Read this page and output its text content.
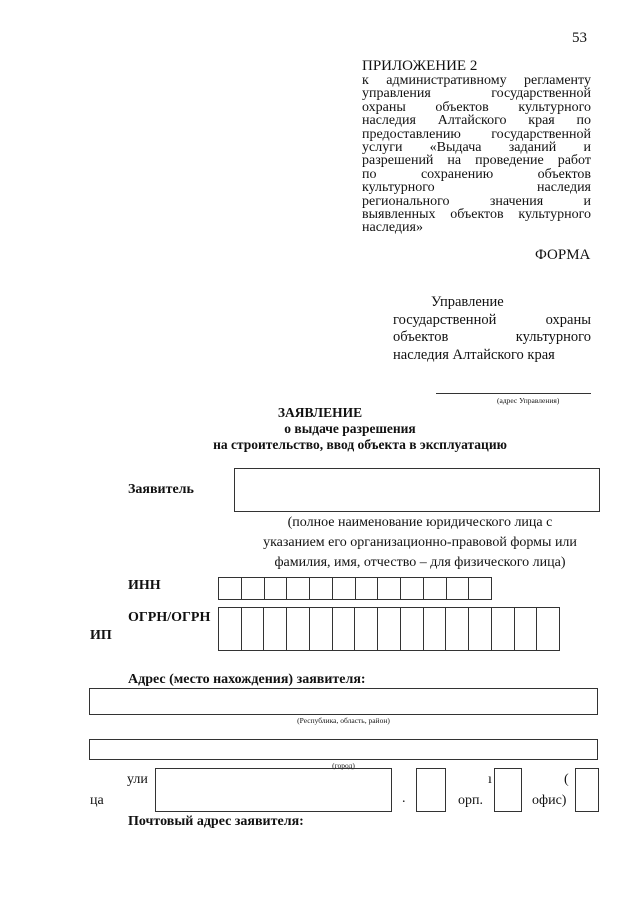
53
ПРИЛОЖЕНИЕ 2
к административному регламенту
управления государственной
охраны объектов культурного
наследия Алтайского края по
предоставлению государственной
услуги «Выдача заданий и
разрешений на проведение работ
по сохранению объектов
культурного наследия
регионального значения и
выявленных объектов культурного
наследия»
ФОРМА
Управление
государственной охраны
объектов культурного
наследия Алтайского края
(адрес Управления)
ЗАЯВЛЕНИЕ
о выдаче разрешения
на строительство, ввод объекта в эксплуатацию
Заявитель
(полное наименование юридического лица с
указанием его организационно-правовой формы или
фамилия, имя, отчество – для физического лица)
ИНН
ОГРН/ОГРН
ИП
Адрес (место нахождения) заявителя:
(Республика, область, район)
(город)
ули
ца	.
ı
орп.
(
офис)
Почтовый адрес заявителя:
